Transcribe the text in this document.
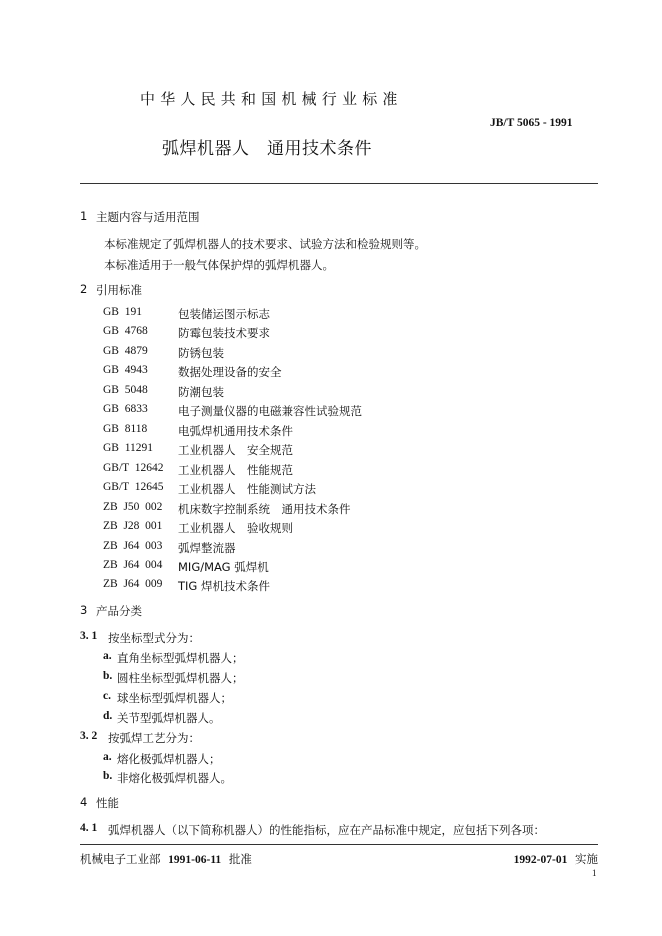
中华人民共和国机械行业标准
JB/T 5065 - 1991
弧焊机器人　通用技术条件
1 主题内容与适用范围
本标准规定了弧焊机器人的技术要求、试验方法和检验规则等。
本标准适用于一般气体保护焊的弧焊机器人。
2 引用标准
GB  191	包装储运图示标志
GB  4768	防霉包装技术要求
GB  4879	防锈包装
GB  4943	数据处理设备的安全
GB  5048	防潮包装
GB  6833	电子测量仪器的电磁兼容性试验规范
GB  8118	电弧焊机通用技术条件
GB  11291 工业机器人　安全规范
GB/T  12642 工业机器人　性能规范
GB/T  12645 工业机器人　性能测试方法
ZB  J50  002 机床数字控制系统　通用技术条件
ZB  J28  001 工业机器人　验收规则
ZB  J64  003 弧焊整流器
ZB  J64  004 MIG/MAG 弧焊机
ZB  J64  009 TIG 焊机技术条件
3 产品分类
3. 1 按坐标型式分为：
a. 直角坐标型弧焊机器人；
b. 圆柱坐标型弧焊机器人；
c. 球坐标型弧焊机器人；
d. 关节型弧焊机器人。
3. 2 按弧焊工艺分为：
a. 熔化极弧焊机器人；
b. 非熔化极弧焊机器人。
4 性能
4. 1 弧焊机器人（以下简称机器人）的性能指标，应在产品标准中规定，应包括下列各项：
机械电子工业部 1991-06-11 批准	1992-07-01 实施
1
